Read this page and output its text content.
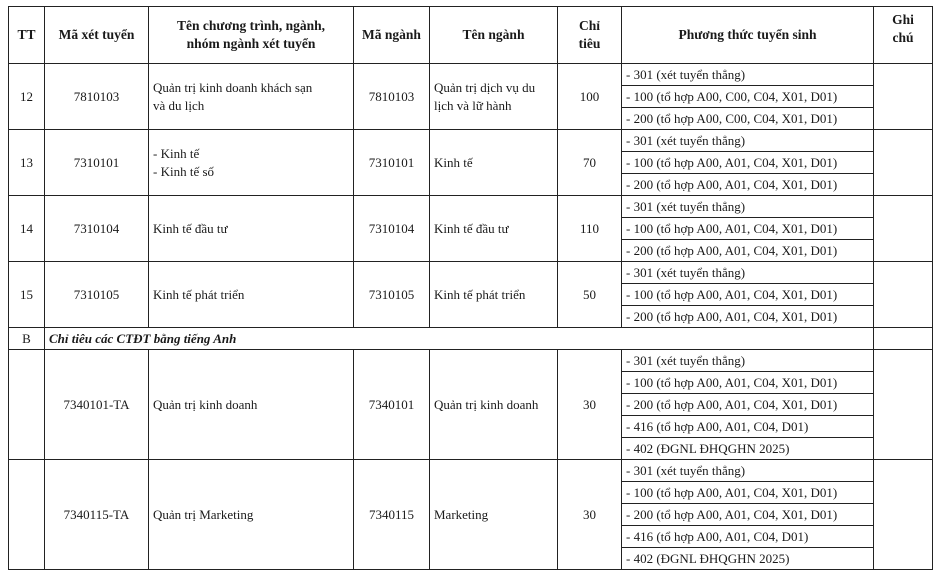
TT	Mã xét tuyển	Tên chương trình, ngành,
nhóm ngành xét tuyển	Mã ngành	Tên ngành	Chỉ
tiêu	Phương thức tuyển sinh	Ghi
chú

12	7810103	Quản trị kinh doanh khách sạn
và du lịch	7810103	Quản trị dịch vụ du
lịch và lữ hành	100	- 301 (xét tuyển thẳng)	
						- 100 (tổ hợp A00, C00, C04, X01, D01)	
						- 200 (tổ hợp A00, C00, C04, X01, D01)	
13	7310101	- Kinh tế
- Kinh tế số	7310101	Kinh tế	70	- 301 (xét tuyển thẳng)	
						- 100 (tổ hợp A00, A01, C04, X01, D01)	
						- 200 (tổ hợp A00, A01, C04, X01, D01)	
14	7310104	Kinh tế đầu tư	7310104	Kinh tế đầu tư	110	- 301 (xét tuyển thẳng)	
						- 100 (tổ hợp A00, A01, C04, X01, D01)	
						- 200 (tổ hợp A00, A01, C04, X01, D01)	
15	7310105	Kinh tế phát triển	7310105	Kinh tế phát triển	50	- 301 (xét tuyển thẳng)	
						- 100 (tổ hợp A00, A01, C04, X01, D01)	
						- 200 (tổ hợp A00, A01, C04, X01, D01)	
B	Chỉ tiêu các CTĐT bằng tiếng Anh						
	7340101-TA	Quản trị kinh doanh	7340101	Quản trị kinh doanh	30	- 301 (xét tuyển thẳng)	
						- 100 (tổ hợp A00, A01, C04, X01, D01)	
						- 200 (tổ hợp A00, A01, C04, X01, D01)	
						- 416 (tổ hợp A00, A01, C04, D01)	
						- 402 (ĐGNL ĐHQGHN 2025)	
	7340115-TA	Quản trị Marketing	7340115	Marketing	30	- 301 (xét tuyển thẳng)	
						- 100 (tổ hợp A00, A01, C04, X01, D01)	
						- 200 (tổ hợp A00, A01, C04, X01, D01)	
						- 416 (tổ hợp A00, A01, C04, D01)	
						- 402 (ĐGNL ĐHQGHN 2025)	
